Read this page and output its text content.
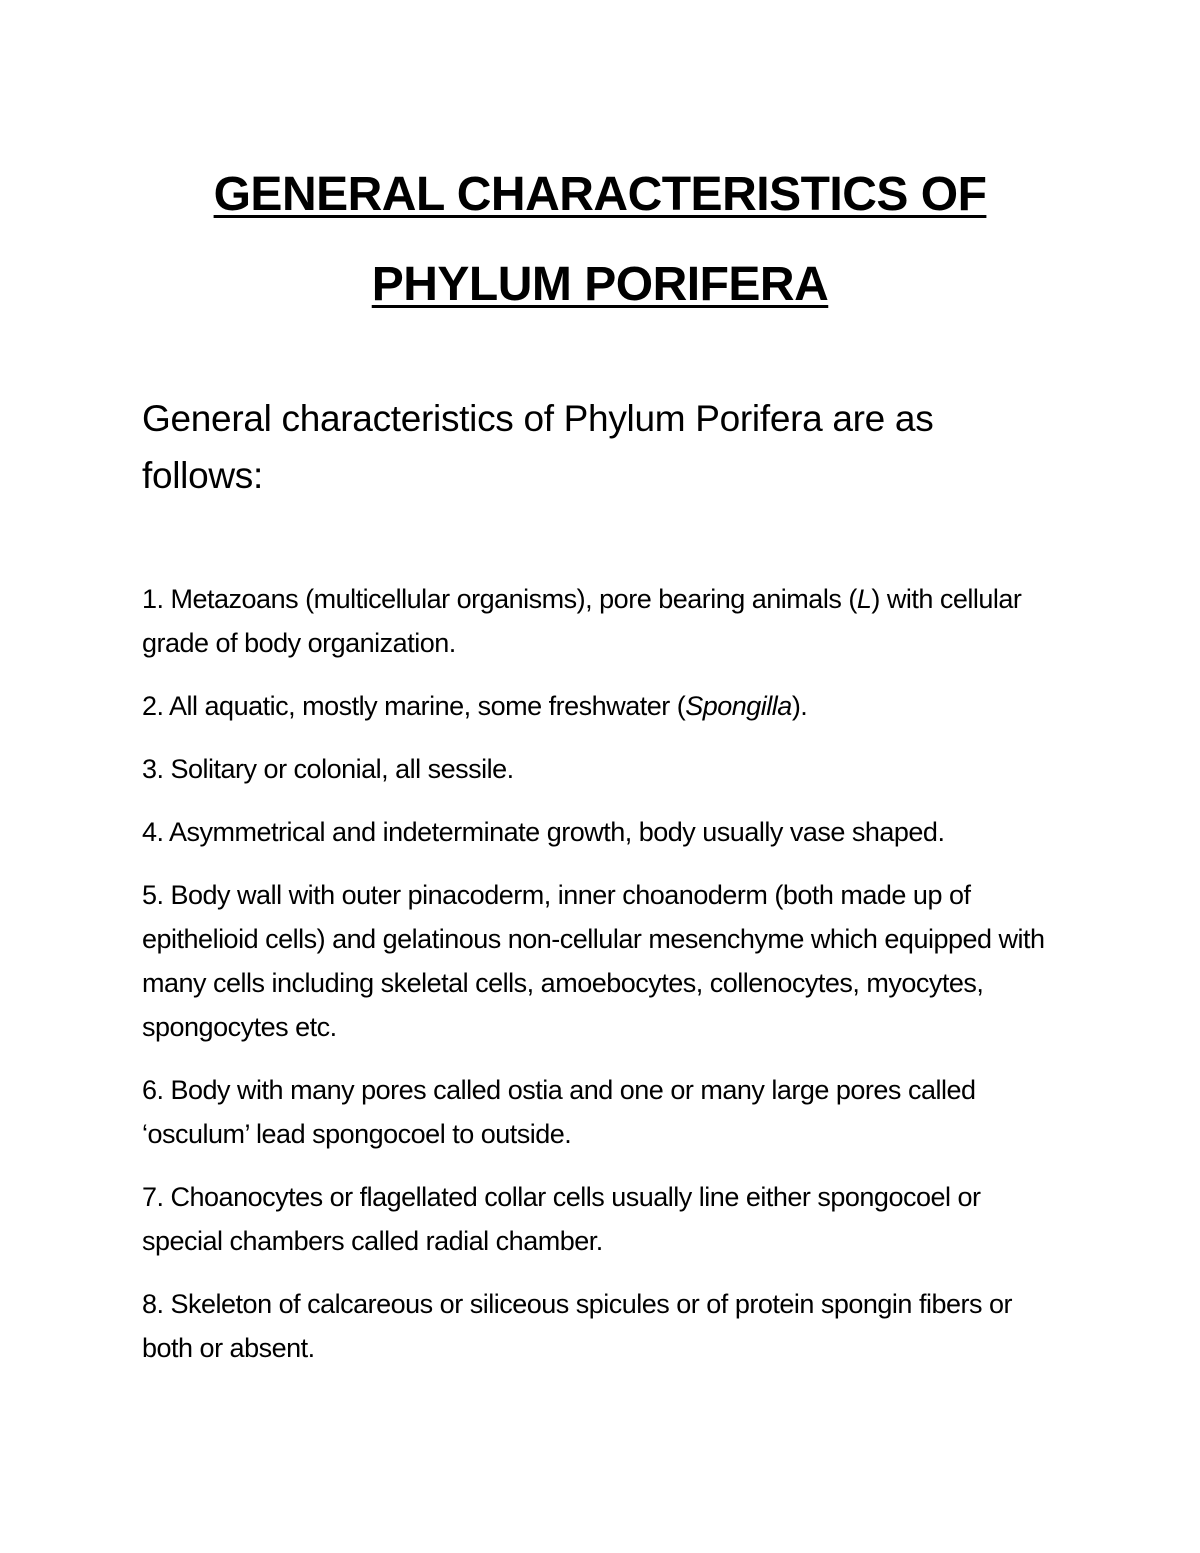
GENERAL CHARACTERISTICS OF
PHYLUM PORIFERA
General characteristics of Phylum Porifera are as follows:

1. Metazoans (multicellular organisms), pore bearing animals (L) with cellular grade of body organization.

2. All aquatic, mostly marine, some freshwater (Spongilla).

3. Solitary or colonial, all sessile.

4. Asymmetrical and indeterminate growth, body usually vase shaped.

5. Body wall with outer pinacoderm, inner choanoderm (both made up of epithelioid cells) and gelatinous non-cellular mesenchyme which equipped with many cells including skeletal cells, amoebocytes, collenocytes, myocytes, spongocytes etc.

6. Body with many pores called ostia and one or many large pores called ‘osculum’ lead spongocoel to outside.

7. Choanocytes or flagellated collar cells usually line either spongocoel or special chambers called radial chamber.

8. Skeleton of calcareous or siliceous spicules or of protein spongin fibers or both or absent.
